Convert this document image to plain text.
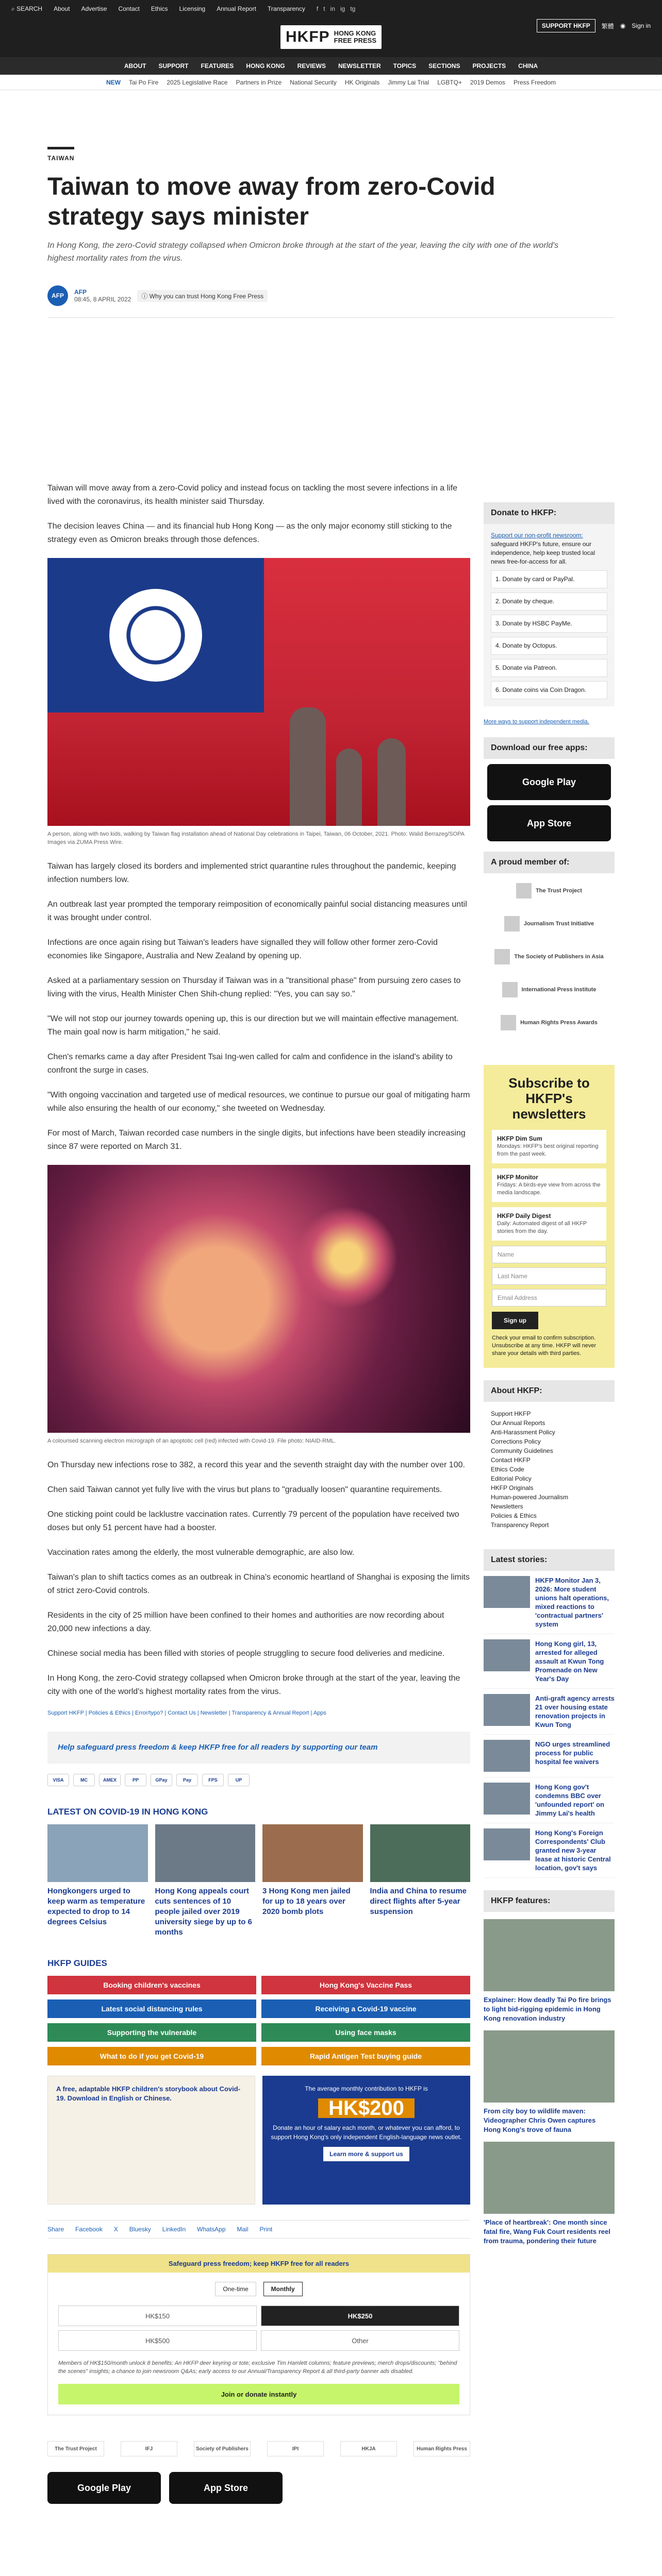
⌕ SEARCH About Advertise Contact Ethics Licensing Annual Report Transparency f t in ig tg
HKFP HONG KONG
FREE PRESS
SUPPORT HKFP	繁體 ◉ Sign in
ABOUT SUPPORT FEATURES HONG KONG REVIEWS NEWSLETTER TOPICS SECTIONS PROJECTS CHINA
NEW Tai Po Fire 2025 Legislative Race Partners in Prize National Security HK Originals Jimmy Lai Trial LGBTQ+ 2019 Demos Press Freedom
TAIWAN
Taiwan to move away from zero-Covid strategy says minister
In Hong Kong, the zero-Covid strategy collapsed when Omicron broke through at the start of the year, leaving the city with one of the world's highest mortality rates from the virus.
AFP	AFP
08:45, 8 APRIL 2022	ⓘ Why you can trust Hong Kong Free Press

Taiwan will move away from a zero-Covid policy and instead focus on tackling the most severe infections in a life lived with the coronavirus, its health minister said Thursday.

The decision leaves China — and its financial hub Hong Kong — as the only major economy still sticking to the strategy even as Omicron breaks through those defences.

A person, along with two kids, walking by Taiwan flag installation ahead of National Day celebrations in Taipei, Taiwan, 06 October, 2021. Photo: Walid Berrazeg/SOPA Images via ZUMA Press Wire.

Taiwan has largely closed its borders and implemented strict quarantine rules throughout the pandemic, keeping infection numbers low.

An outbreak last year prompted the temporary reimposition of economically painful social distancing measures until it was brought under control.

Infections are once again rising but Taiwan's leaders have signalled they will follow other former zero-Covid economies like Singapore, Australia and New Zealand by opening up.

Asked at a parliamentary session on Thursday if Taiwan was in a "transitional phase" from pursuing zero cases to living with the virus, Health Minister Chen Shih-chung replied: "Yes, you can say so."

"We will not stop our journey towards opening up, this is our direction but we will maintain effective management. The main goal now is harm mitigation," he said.

Chen's remarks came a day after President Tsai Ing-wen called for calm and confidence in the island's ability to confront the surge in cases.

"With ongoing vaccination and targeted use of medical resources, we continue to pursue our goal of mitigating harm while also ensuring the health of our economy," she tweeted on Wednesday.

For most of March, Taiwan recorded case numbers in the single digits, but infections have been steadily increasing since 87 were reported on March 31.

A colourised scanning electron micrograph of an apoptotic cell (red) infected with Covid-19. File photo: NIAID-RML.

On Thursday new infections rose to 382, a record this year and the seventh straight day with the number over 100.

Chen said Taiwan cannot yet fully live with the virus but plans to "gradually loosen" quarantine requirements.

One sticking point could be lacklustre vaccination rates. Currently 79 percent of the population have received two doses but only 51 percent have had a booster.

Vaccination rates among the elderly, the most vulnerable demographic, are also low.

Taiwan's plan to shift tactics comes as an outbreak in China's economic heartland of Shanghai is exposing the limits of strict zero-Covid controls.

Residents in the city of 25 million have been confined to their homes and authorities are now recording about 20,000 new infections a day.

Chinese social media has been filled with stories of people struggling to secure food deliveries and medicine.

In Hong Kong, the zero-Covid strategy collapsed when Omicron broke through at the start of the year, leaving the city with one of the world's highest mortality rates from the virus.

Support HKFP | Policies & Ethics | Error/typo? | Contact Us | Newsletter | Transparency & Annual Report | Apps
Help safeguard press freedom & keep HKFP free for all readers by supporting our team
VISA	MC	AMEX	PP	GPay	Pay	FPS	UP
LATEST ON COVID-19 IN HONG KONG
Hongkongers urged to keep warm as temperature expected to drop to 14 degrees Celsius
Hong Kong appeals court cuts sentences of 10 people jailed over 2019 university siege by up to 6 months
3 Hong Kong men jailed for up to 18 years over 2020 bomb plots
India and China to resume direct flights after 5-year suspension
HKFP GUIDES
Booking children's vaccines	Hong Kong's Vaccine Pass
Latest social distancing rules	Receiving a Covid-19 vaccine
Supporting the vulnerable	Using face masks
What to do if you get Covid-19	Rapid Antigen Test buying guide
A free, adaptable HKFP children's storybook about Covid-19. Download in English or Chinese.
The average monthly contribution to HKFP is
HK$200
Donate an hour of salary each month, or whatever you can afford, to support Hong Kong's only independent English-language news outlet.
Learn more & support us
Share Facebook X Bluesky LinkedIn WhatsApp Mail Print
Safeguard press freedom; keep HKFP free for all readers
One-time	Monthly
HK$150	HK$250
HK$500	Other
Members of HK$150/month unlock 8 benefits: An HKFP deer keyring or tote; exclusive Tim Hamlett columns; feature previews; merch drops/discounts; "behind the scenes" insights; a chance to join newsroom Q&As; early access to our Annual/Transparency Report & all third-party banner ads disabled.
Join or donate instantly
The Trust Project	IFJ	Society of Publishers	IPI	HKJA	Human Rights Press
Google Play	App Store
Donate to HKFP:
Support our non-profit newsroom:
safeguard HKFP's future, ensure our independence, help keep trusted local news free-for-access for all.
1. Donate by card or PayPal.
2. Donate by cheque.
3. Donate by HSBC PayMe.
4. Donate by Octopus.
5. Donate via Patreon.
6. Donate coins via Coin Dragon.
More ways to support independent media.
Download our free apps:
Google Play
App Store
A proud member of:
The Trust Project
Journalism Trust Initiative
The Society of Publishers in Asia
International Press Institute
Human Rights Press Awards
Subscribe to HKFP's newsletters
HKFP Dim Sum
Mondays: HKFP's best original reporting from the past week.
HKFP Monitor
Fridays: A birds-eye view from across the media landscape.
HKFP Daily Digest
Daily: Automated digest of all HKFP stories from the day.
Name
Last Name
Email Address
Sign up
Check your email to confirm subscription. Unsubscribe at any time. HKFP will never share your details with third parties.
About HKFP:
Support HKFP
Our Annual Reports
Anti-Harassment Policy
Corrections Policy
Community Guidelines
Contact HKFP
Ethics Code
Editorial Policy
HKFP Originals
Human-powered Journalism
Newsletters
Policies & Ethics
Transparency Report
Latest stories:
HKFP Monitor Jan 3, 2026: More student unions halt operations, mixed reactions to 'contractual partners' system
Hong Kong girl, 13, arrested for alleged assault at Kwun Tong Promenade on New Year's Day
Anti-graft agency arrests 21 over housing estate renovation projects in Kwun Tong
NGO urges streamlined process for public hospital fee waivers
Hong Kong gov't condemns BBC over 'unfounded report' on Jimmy Lai's health
Hong Kong's Foreign Correspondents' Club granted new 3-year lease at historic Central location, gov't says
HKFP features:
Explainer: How deadly Tai Po fire brings to light bid-rigging epidemic in Hong Kong renovation industry
From city boy to wildlife maven: Videographer Chris Owen captures Hong Kong's trove of fauna
'Place of heartbreak': One month since fatal fire, Wang Fuk Court residents reel from trauma, pondering their future
